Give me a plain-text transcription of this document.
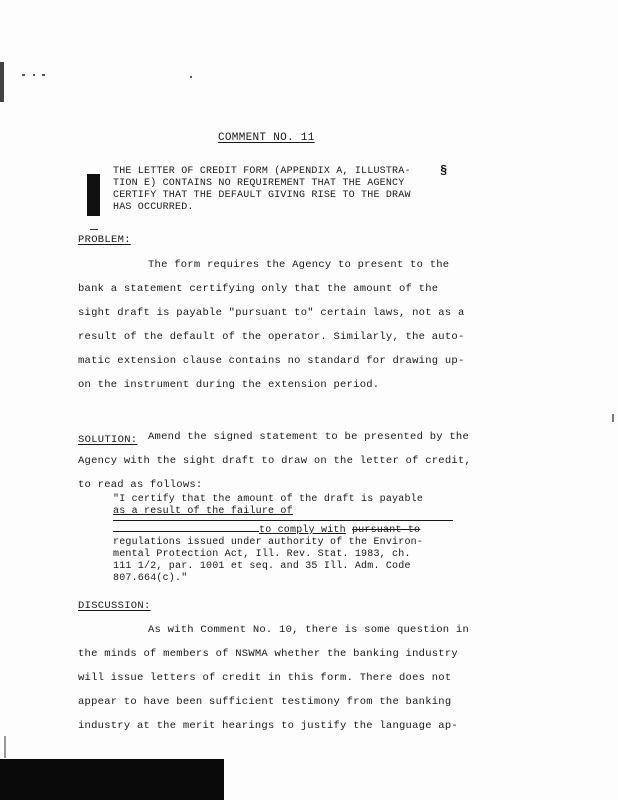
COMMENT NO. 11
§
THE LETTER OF CREDIT FORM (APPENDIX A, ILLUSTRA-
TION E) CONTAINS NO REQUIREMENT THAT THE AGENCY
CERTIFY THAT THE DEFAULT GIVING RISE TO THE DRAW
HAS OCCURRED.
PROBLEM:
The form requires the Agency to present to the
bank a statement certifying only that the amount of the
sight draft is payable "pursuant to" certain laws, not as a
result of the default of the operator. Similarly, the auto-
matic extension clause contains no standard for drawing up-
on the instrument during the extension period.
SOLUTION:	Amend the signed statement to be presented by the
Agency with the sight draft to draw on the letter of credit,
to read as follows:
"I certify that the amount of the draft is payable
as a result of the failure of
to comply with pursuant to
regulations issued under authority of the Environ-
mental Protection Act, Ill. Rev. Stat. 1983, ch.
111 1/2, par. 1001 et seq. and 35 Ill. Adm. Code
807.664(c)."
DISCUSSION:
As with Comment No. 10, there is some question in
the minds of members of NSWMA whether the banking industry
will issue letters of credit in this form. There does not
appear to have been sufficient testimony from the banking
industry at the merit hearings to justify the language ap-
